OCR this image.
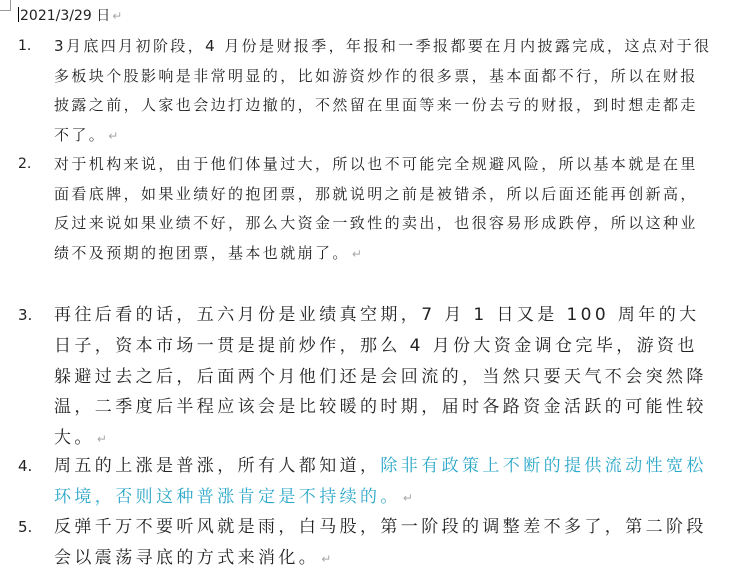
2021/3/29 日 ↵
1.	3月底四月初阶段，4 月份是财报季，年报和一季报都要在月内披露完成，这点对于很多板块个股影响是非常明显的，比如游资炒作的很多票，基本面都不行，所以在财报披露之前，人家也会边打边撤的，不然留在里面等来一份去亏的财报，到时想走都走不了。 ↵

2.	对于机构来说，由于他们体量过大，所以也不可能完全规避风险，所以基本就是在里面看底牌，如果业绩好的抱团票，那就说明之前是被错杀，所以后面还能再创新高，反过来说如果业绩不好，那么大资金一致性的卖出，也很容易形成跌停，所以这种业绩不及预期的抱团票，基本也就崩了。 ↵

3.	再往后看的话，五六月份是业绩真空期，7 月 1 日又是 100 周年的大日子，资本市场一贯是提前炒作，那么 4 月份大资金调仓完毕，游资也躲避过去之后，后面两个月他们还是会回流的，当然只要天气不会突然降温，二季度后半程应该会是比较暖的时期，届时各路资金活跃的可能性较大。 ↵

4.	周五的上涨是普涨，所有人都知道，除非有政策上不断的提供流动性宽松环境，否则这种普涨肯定是不持续的。 ↵

5.	反弹千万不要听风就是雨，白马股，第一阶段的调整差不多了，第二阶段会以震荡寻底的方式来消化。 ↵
